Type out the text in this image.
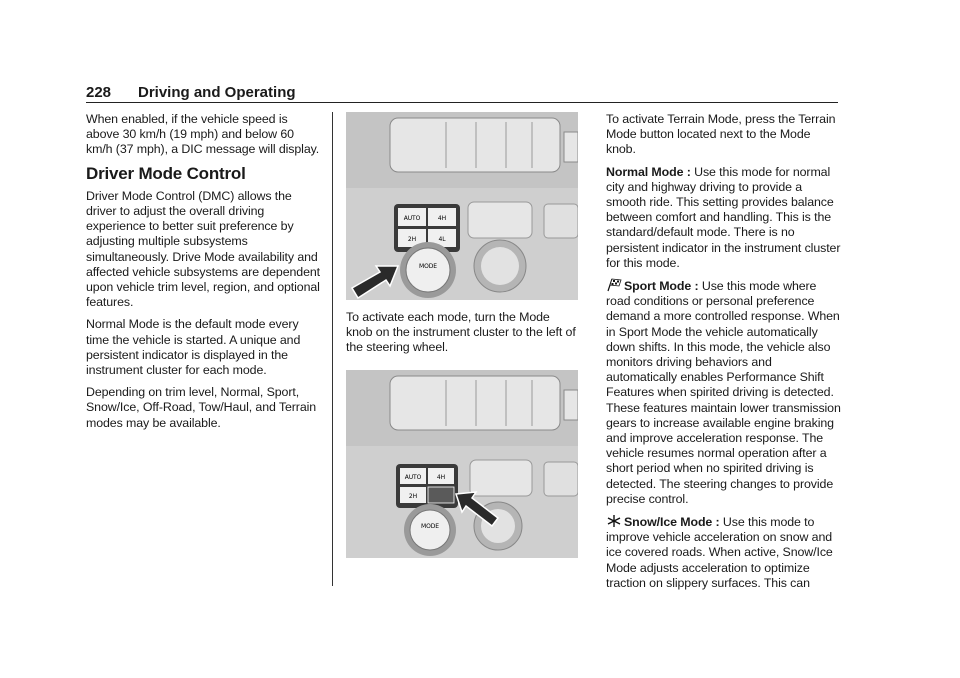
228 Driving and Operating

When enabled, if the vehicle speed is above 30 km/h (19 mph) and below 60 km/h (37 mph), a DIC message will display.

Driver Mode Control

Driver Mode Control (DMC) allows the driver to adjust the overall driving experience to better suit preference by adjusting multiple subsystems simultaneously. Drive Mode availability and affected vehicle subsystems are dependent upon vehicle trim level, region, and optional features.

Normal Mode is the default mode every time the vehicle is started. A unique and persistent indicator is displayed in the instrument cluster for each mode.

Depending on trim level, Normal, Sport, Snow/Ice, Off-Road, Tow/Haul, and Terrain modes may be available.

AUTO	4H
2H	4L
MODE

To activate each mode, turn the Mode knob on the instrument cluster to the left of the steering wheel.

AUTO	4H
2H
MODE

To activate Terrain Mode, press the Terrain Mode button located next to the Mode knob.

Normal Mode : Use this mode for normal city and highway driving to provide a smooth ride. This setting provides balance between comfort and handling. This is the standard/default mode. There is no persistent indicator in the instrument cluster for this mode.

Sport Mode : Use this mode where road conditions or personal preference demand a more controlled response. When in Sport Mode the vehicle automatically down shifts. In this mode, the vehicle also monitors driving behaviors and automatically enables Performance Shift Features when spirited driving is detected. These features maintain lower transmission gears to increase available engine braking and improve acceleration response. The vehicle resumes normal operation after a short period when no spirited driving is detected. The steering changes to provide precise control.

Snow/Ice Mode : Use this mode to improve vehicle acceleration on snow and ice covered roads. When active, Snow/Ice Mode adjusts acceleration to optimize traction on slippery surfaces. This can
